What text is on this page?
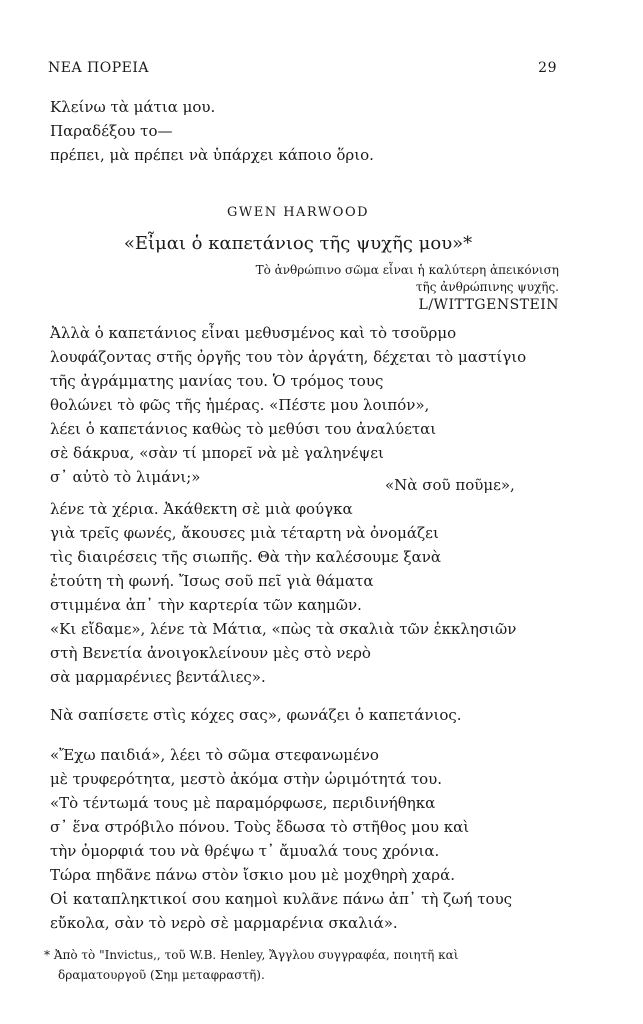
ΝΕΑ ΠΟΡΕΙΑ	29
Κλείνω τὰ μάτια μου.
Παραδέξου το—
πρέπει, μὰ πρέπει νὰ ὑπάρχει κάποιο ὅριο.
GWEN HARWOOD
«Εἶμαι ὁ καπετάνιος τῆς ψυχῆς μου»*
Τὸ ἀνθρώπινο σῶμα εἶναι ἡ καλύτερη ἀπεικόνιση
τῆς ἀνθρώπινης ψυχῆς.
L/WITTGENSTEIN
Ἀλλὰ ὁ καπετάνιος εἶναι μεθυσμένος καὶ τὸ τσοῦρμο
λουφάζοντας στῆς ὀργῆς του τὸν ἀργάτη, δέχεται τὸ μαστίγιο
τῆς ἀγράμματης μανίας του. Ὁ τρόμος τους
θολώνει τὸ φῶς τῆς ἡμέρας. «Πέστε μου λοιπόν»,
λέει ὁ καπετάνιος καθὼς τὸ μεθύσι του ἀναλύεται
σὲ δάκρυα, «σὰν τί μπορεῖ νὰ μὲ γαληνέψει
σ᾽ αὐτὸ τὸ λιμάνι;»	«Νὰ σοῦ ποῦμε»,
λένε τὰ χέρια. Ἀκάθεκτη σὲ μιὰ φούγκα
γιὰ τρεῖς φωνές, ἄκουσες μιὰ τέταρτη νὰ ὀνομάζει
τὶς διαιρέσεις τῆς σιωπῆς. Θὰ τὴν καλέσουμε ξανὰ
ἐτούτη τὴ φωνή. Ἴσως σοῦ πεῖ γιὰ θάματα
στιμμένα ἀπ᾽ τὴν καρτερία τῶν καημῶν.
«Κι εἴδαμε», λένε τὰ Μάτια, «πὼς τὰ σκαλιὰ τῶν ἐκκλησιῶν
στὴ Βενετία ἀνοιγοκλείνουν μὲς στὸ νερὸ
σὰ μαρμαρένιες βεντάλιες».
Νὰ σαπίσετε στὶς κόχες σας», φωνάζει ὁ καπετάνιος.
«Ἔχω παιδιά», λέει τὸ σῶμα στεφανωμένο
μὲ τρυφερότητα, μεστὸ ἀκόμα στὴν ὡριμότητά του.
«Τὸ τέντωμά τους μὲ παραμόρφωσε, περιδινήθηκα
σ᾽ ἕνα στρόβιλο πόνου. Τοὺς ἔδωσα τὸ στῆθος μου καὶ
τὴν ὀμορφιά του νὰ θρέψω τ᾽ ἄμυαλά τους χρόνια.
Τώρα πηδᾶνε πάνω στὸν ἴσκιο μου μὲ μοχθηρὴ χαρά.
Οἱ καταπληκτικοί σου καημοὶ κυλᾶνε πάνω ἀπ᾽ τὴ ζωή τους
εὔκολα, σὰν τὸ νερὸ σὲ μαρμαρένια σκαλιά».
* Ἀπὸ τὸ "Invictus,, τοῦ W.B. Henley, Ἄγγλου συγγραφέα, ποιητῆ καὶ
δραματουργοῦ (Σημ μεταφραστῆ).
